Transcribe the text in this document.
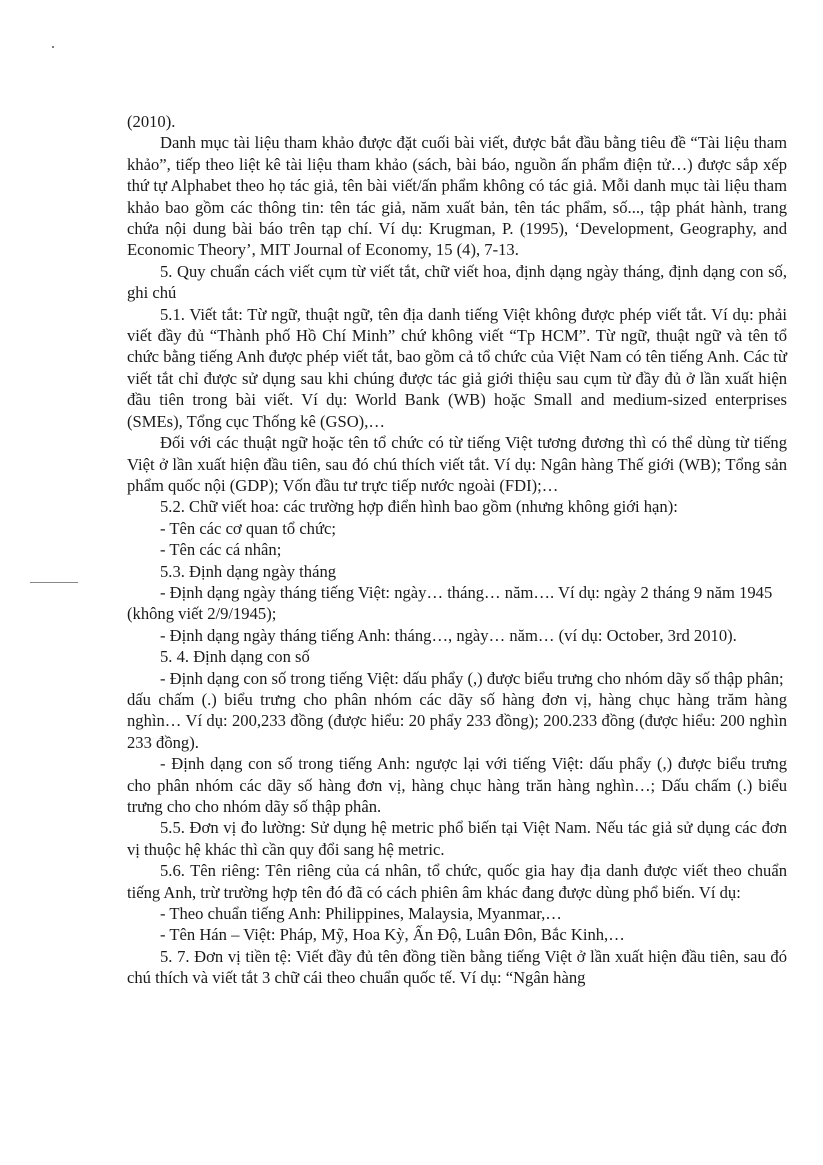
(2010).

Danh mục tài liệu tham khảo được đặt cuối bài viết, được bắt đầu bằng tiêu đề “Tài liệu tham khảo”, tiếp theo liệt kê tài liệu tham khảo (sách, bài báo, nguồn ấn phẩm điện tử…) được sắp xếp thứ tự Alphabet theo họ tác giả, tên bài viết/ấn phẩm không có tác giả. Mỗi danh mục tài liệu tham khảo bao gồm các thông tin: tên tác giả, năm xuất bản, tên tác phẩm, số..., tập phát hành, trang chứa nội dung bài báo trên tạp chí. Ví dụ: Krugman, P. (1995), ‘Development, Geography, and Economic Theory’, MIT Journal of Economy, 15 (4), 7-13.

5. Quy chuẩn cách viết cụm từ viết tắt, chữ viết hoa, định dạng ngày tháng, định dạng con số, ghi chú

5.1. Viết tắt: Từ ngữ, thuật ngữ, tên địa danh tiếng Việt không được phép viết tắt. Ví dụ: phải viết đầy đủ “Thành phố Hồ Chí Minh” chứ không viết “Tp HCM”. Từ ngữ, thuật ngữ và tên tổ chức bằng tiếng Anh được phép viết tắt, bao gồm cả tổ chức của Việt Nam có tên tiếng Anh. Các từ viết tắt chỉ được sử dụng sau khi chúng được tác giả giới thiệu sau cụm từ đầy đủ ở lần xuất hiện đầu tiên trong bài viết. Ví dụ: World Bank (WB) hoặc Small and medium-sized enterprises (SMEs), Tổng cục Thống kê (GSO),…

Đối với các thuật ngữ hoặc tên tổ chức có từ tiếng Việt tương đương thì có thể dùng từ tiếng Việt ở lần xuất hiện đầu tiên, sau đó chú thích viết tắt. Ví dụ: Ngân hàng Thế giới (WB); Tổng sản phẩm quốc nội (GDP); Vốn đầu tư trực tiếp nước ngoài (FDI);…

5.2. Chữ viết hoa: các trường hợp điển hình bao gồm (nhưng không giới hạn):

- Tên các cơ quan tổ chức;

- Tên các cá nhân;

5.3. Định dạng ngày tháng

- Định dạng ngày tháng tiếng Việt: ngày… tháng… năm…. Ví dụ: ngày 2 tháng 9 năm 1945

(không viết 2/9/1945);

- Định dạng ngày tháng tiếng Anh: tháng…, ngày… năm… (ví dụ: October, 3rd 2010).

5. 4. Định dạng con số

- Định dạng con số trong tiếng Việt: dấu phẩy (,) được biểu trưng cho nhóm dãy số thập phân;

dấu chấm (.) biểu trưng cho phân nhóm các dãy số hàng đơn vị, hàng chục hàng trăm hàng nghìn… Ví dụ: 200,233 đồng (được hiểu: 20 phẩy 233 đồng); 200.233 đồng (được hiểu: 200 nghìn 233 đồng).

- Định dạng con số trong tiếng Anh: ngược lại với tiếng Việt: dấu phẩy (,) được biểu trưng cho phân nhóm các dãy số hàng đơn vị, hàng chục hàng trăn hàng nghìn…; Dấu chấm (.) biểu trưng cho cho nhóm dãy số thập phân.

5.5. Đơn vị đo lường: Sử dụng hệ metric phổ biến tại Việt Nam. Nếu tác giả sử dụng các đơn vị thuộc hệ khác thì cần quy đổi sang hệ metric.

5.6. Tên riêng: Tên riêng của cá nhân, tổ chức, quốc gia hay địa danh được viết theo chuẩn tiếng Anh, trừ trường hợp tên đó đã có cách phiên âm khác đang được dùng phổ biến. Ví dụ:

- Theo chuẩn tiếng Anh: Philippines, Malaysia, Myanmar,…

- Tên Hán – Việt: Pháp, Mỹ, Hoa Kỳ, Ấn Độ, Luân Đôn, Bắc Kinh,…

5. 7. Đơn vị tiền tệ: Viết đầy đủ tên đồng tiền bằng tiếng Việt ở lần xuất hiện đầu tiên, sau đó chú thích và viết tắt 3 chữ cái theo chuẩn quốc tế. Ví dụ: “Ngân hàng
